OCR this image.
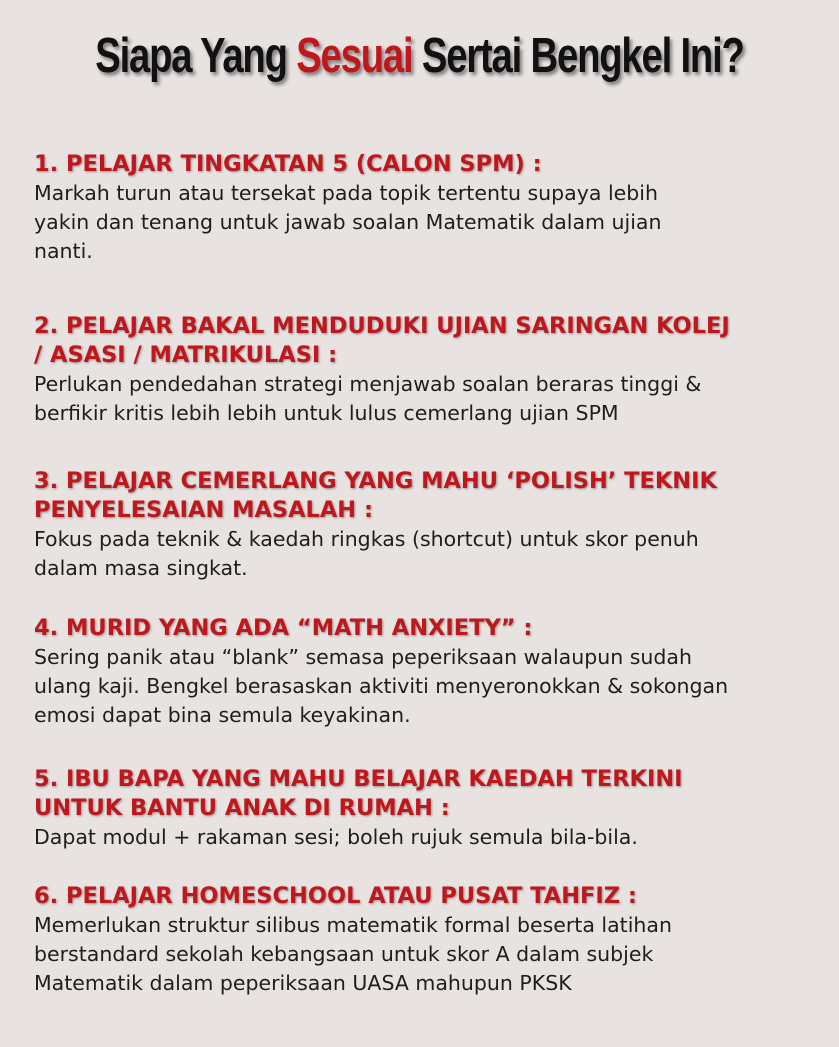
Siapa Yang Sesuai Sertai Bengkel Ini?
1. PELAJAR TINGKATAN 5 (CALON SPM) :
Markah turun atau tersekat pada topik tertentu supaya lebih
yakin dan tenang untuk jawab soalan Matematik dalam ujian
nanti.
2. PELAJAR BAKAL MENDUDUKI UJIAN SARINGAN KOLEJ
/ ASASI / MATRIKULASI :
Perlukan pendedahan strategi menjawab soalan beraras tinggi &
berfikir kritis lebih lebih untuk lulus cemerlang ujian SPM
3. PELAJAR CEMERLANG YANG MAHU ‘POLISH’ TEKNIK
PENYELESAIAN MASALAH :
Fokus pada teknik & kaedah ringkas (shortcut) untuk skor penuh
dalam masa singkat.
4. MURID YANG ADA “MATH ANXIETY” :
Sering panik atau “blank” semasa peperiksaan walaupun sudah
ulang kaji. Bengkel berasaskan aktiviti menyeronokkan & sokongan
emosi dapat bina semula keyakinan.
5. IBU BAPA YANG MAHU BELAJAR KAEDAH TERKINI
UNTUK BANTU ANAK DI RUMAH :
Dapat modul + rakaman sesi; boleh rujuk semula bila-bila.
6. PELAJAR HOMESCHOOL ATAU PUSAT TAHFIZ :
Memerlukan struktur silibus matematik formal beserta latihan
berstandard sekolah kebangsaan untuk skor A dalam subjek
Matematik dalam peperiksaan UASA mahupun PKSK
